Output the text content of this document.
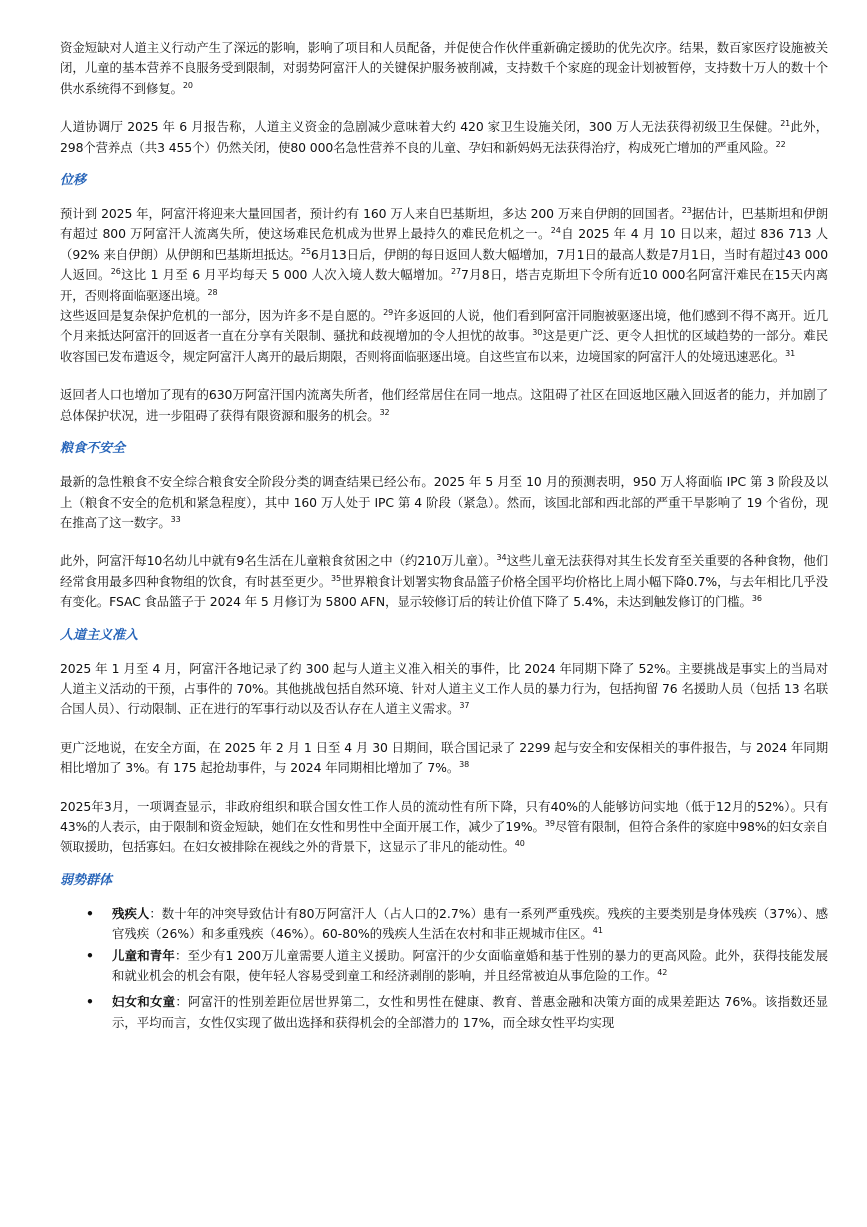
资金短缺对人道主义行动产生了深远的影响，影响了项目和人员配备，并促使合作伙伴重新确定援助的优先次序。结果，数百家医疗设施被关闭，儿童的基本营养不良服务受到限制，对弱势阿富汗人的关键保护服务被削减，支持数千个家庭的现金计划被暂停，支持数十万人的数十个供水系统得不到修复。$^{20}$

人道协调厅 2025 年 6 月报告称，人道主义资金的急剧减少意味着大约 420 家卫生设施关闭，300 万人无法获得初级卫生保健。$^{21}$此外，298个营养点（共3 455个）仍然关闭，使80 000名急性营养不良的儿童、孕妇和新妈妈无法获得治疗，构成死亡增加的严重风险。$^{22}$

位移

预计到 2025 年，阿富汗将迎来大量回国者，预计约有 160 万人来自巴基斯坦，多达 200 万来自伊朗的回国者。$^{23}$据估计，巴基斯坦和伊朗有超过 800 万阿富汗人流离失所，使这场难民危机成为世界上最持久的难民危机之一。$^{24}$自 2025 年 4 月 10 日以来，超过 836 713 人（92% 来自伊朗）从伊朗和巴基斯坦抵达。$^{25}$6月13日后，伊朗的每日返回人数大幅增加，7月1日的最高人数是7月1日，当时有超过43 000人返回。$^{26}$这比 1 月至 6 月平均每天 5 000 人次入境人数大幅增加。$^{27}$7月8日，塔吉克斯坦下令所有近10 000名阿富汗难民在15天内离开，否则将面临驱逐出境。$^{28}$

这些返回是复杂保护危机的一部分，因为许多不是自愿的。$^{29}$许多返回的人说，他们看到阿富汗同胞被驱逐出境，他们感到不得不离开。近几个月来抵达阿富汗的回返者一直在分享有关限制、骚扰和歧视增加的令人担忧的故事。$^{30}$这是更广泛、更令人担忧的区域趋势的一部分。难民收容国已发布遣返令，规定阿富汗人离开的最后期限，否则将面临驱逐出境。自这些宣布以来，边境国家的阿富汗人的处境迅速恶化。$^{31}$

返回者人口也增加了现有的630万阿富汗国内流离失所者，他们经常居住在同一地点。这阻碍了社区在回返地区融入回返者的能力，并加剧了总体保护状况，进一步阻碍了获得有限资源和服务的机会。$^{32}$

粮食不安全

最新的急性粮食不安全综合粮食安全阶段分类的调查结果已经公布。2025 年 5 月至 10 月的预测表明，950 万人将面临 IPC 第 3 阶段及以上（粮食不安全的危机和紧急程度），其中 160 万人处于 IPC 第 4 阶段（紧急）。然而，该国北部和西北部的严重干旱影响了 19 个省份，现在推高了这一数字。$^{33}$

此外，阿富汗每10名幼儿中就有9名生活在儿童粮食贫困之中（约210万儿童）。$^{34}$这些儿童无法获得对其生长发育至关重要的各种食物，他们经常食用最多四种食物组的饮食，有时甚至更少。$^{35}$世界粮食计划署实物食品篮子价格全国平均价格比上周小幅下降0.7%，与去年相比几乎没有变化。FSAC 食品篮子于 2024 年 5 月修订为 5800 AFN，显示较修订后的转让价值下降了 5.4%，未达到触发修订的门槛。$^{36}$

人道主义准入

2025 年 1 月至 4 月，阿富汗各地记录了约 300 起与人道主义准入相关的事件，比 2024 年同期下降了 52%。主要挑战是事实上的当局对人道主义活动的干预，占事件的 70%。其他挑战包括自然环境、针对人道主义工作人员的暴力行为，包括拘留 76 名援助人员（包括 13 名联合国人员）、行动限制、正在进行的军事行动以及否认存在人道主义需求。$^{37}$

更广泛地说，在安全方面，在 2025 年 2 月 1 日至 4 月 30 日期间，联合国记录了 2299 起与安全和安保相关的事件报告，与 2024 年同期相比增加了 3%。有 175 起抢劫事件，与 2024 年同期相比增加了 7%。$^{38}$

2025年3月，一项调查显示，非政府组织和联合国女性工作人员的流动性有所下降，只有40%的人能够访问实地（低于12月的52%）。只有43%的人表示，由于限制和资金短缺，她们在女性和男性中全面开展工作，减少了19%。$^{39}$尽管有限制，但符合条件的家庭中98%的妇女亲自领取援助，包括寡妇。在妇女被排除在视线之外的背景下，这显示了非凡的能动性。$^{40}$

弱势群体
• 残疾人：数十年的冲突导致估计有80万阿富汗人（占人口的2.7%）患有一系列严重残疾。残疾的主要类别是身体残疾（37%）、感官残疾（26%）和多重残疾（46%）。60-80%的残疾人生活在农村和非正规城市住区。$^{41}$
• 儿童和青年：至少有1 200万儿童需要人道主义援助。阿富汗的少女面临童婚和基于性别的暴力的更高风险。此外，获得技能发展和就业机会的机会有限，使年轻人容易受到童工和经济剥削的影响，并且经常被迫从事危险的工作。$^{42}$
• 妇女和女童：阿富汗的性别差距位居世界第二，女性和男性在健康、教育、普惠金融和决策方面的成果差距达 76%。该指数还显示，平均而言，女性仅实现了做出选择和获得机会的全部潜力的 17%，而全球女性平均实现
